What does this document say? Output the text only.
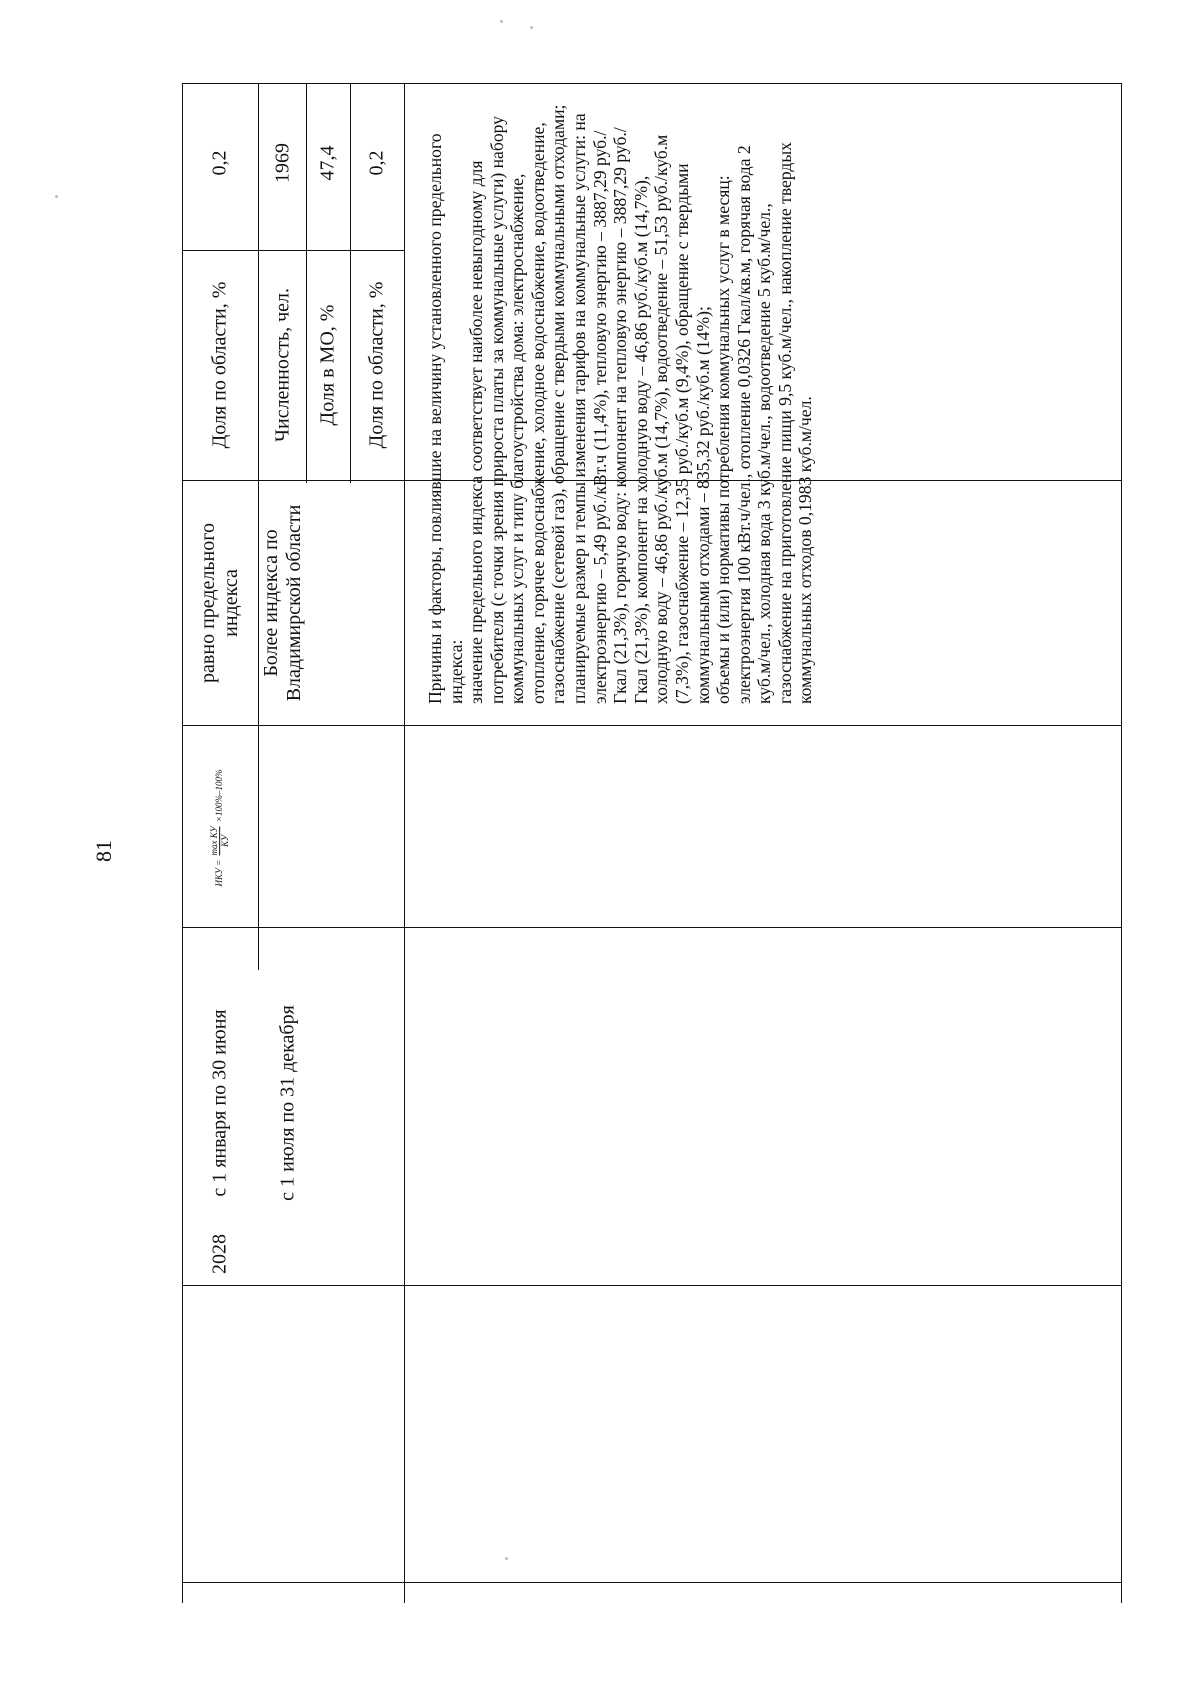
81
2028
с 1 января по 30 июня с 1 июля по 31 декабря
ИКУ =
max КУ КУ
×100%–100%
равно предельного индекса
Доля по области, %
0,2
Более индекса по Владимирской области
Численность, чел.
1969
Доля в МО, %
47,4
Доля по области, %
0,2 Причины и факторы, повлиявшие на величину установленного предельного индекса: значение предельного индекса соответствует наиболее невыгодному для потребителя (с точки зрения прироста платы за коммунальные услуги) набору коммунальных услуг и типу благоустройства дома: электроснабжение, отопление, горячее водоснабжение, холодное водоснабжение, водоотведение, газоснабжение (сетевой газ), обращение с твердыми коммунальными отходами; планируемые размер и темпы изменения тарифов на коммунальные услуги: на электроэнергию – 5,49 руб./кВт.ч (11,4%), тепловую энергию – 3887,29 руб./Гкал (21,3%), горячую воду: компонент на тепловую энергию – 3887,29 руб./Гкал (21,3%), компонент на холодную воду – 46,86 руб./куб.м (14,7%), холодную воду – 46,86 руб./куб.м (14,7%), водоотведение – 51,53 руб./куб.м (7,3%), газоснабжение – 12,35 руб./куб.м (9,4%), обращение с твердыми коммунальными отходами – 835,32 руб./куб.м (14%); объемы и (или) нормативы потребления коммунальных услуг в месяц: электроэнергия 100 кВт.ч/чел., отопление 0,0326 Гкал/кв.м, горячая вода 2 куб.м/чел., холодная вода 3 куб.м/чел., водоотведение 5 куб.м/чел., газоснабжение на приготовление пищи 9,5 куб.м/чел., накопление твердых коммунальных отходов 0,1983 куб.м/чел.
